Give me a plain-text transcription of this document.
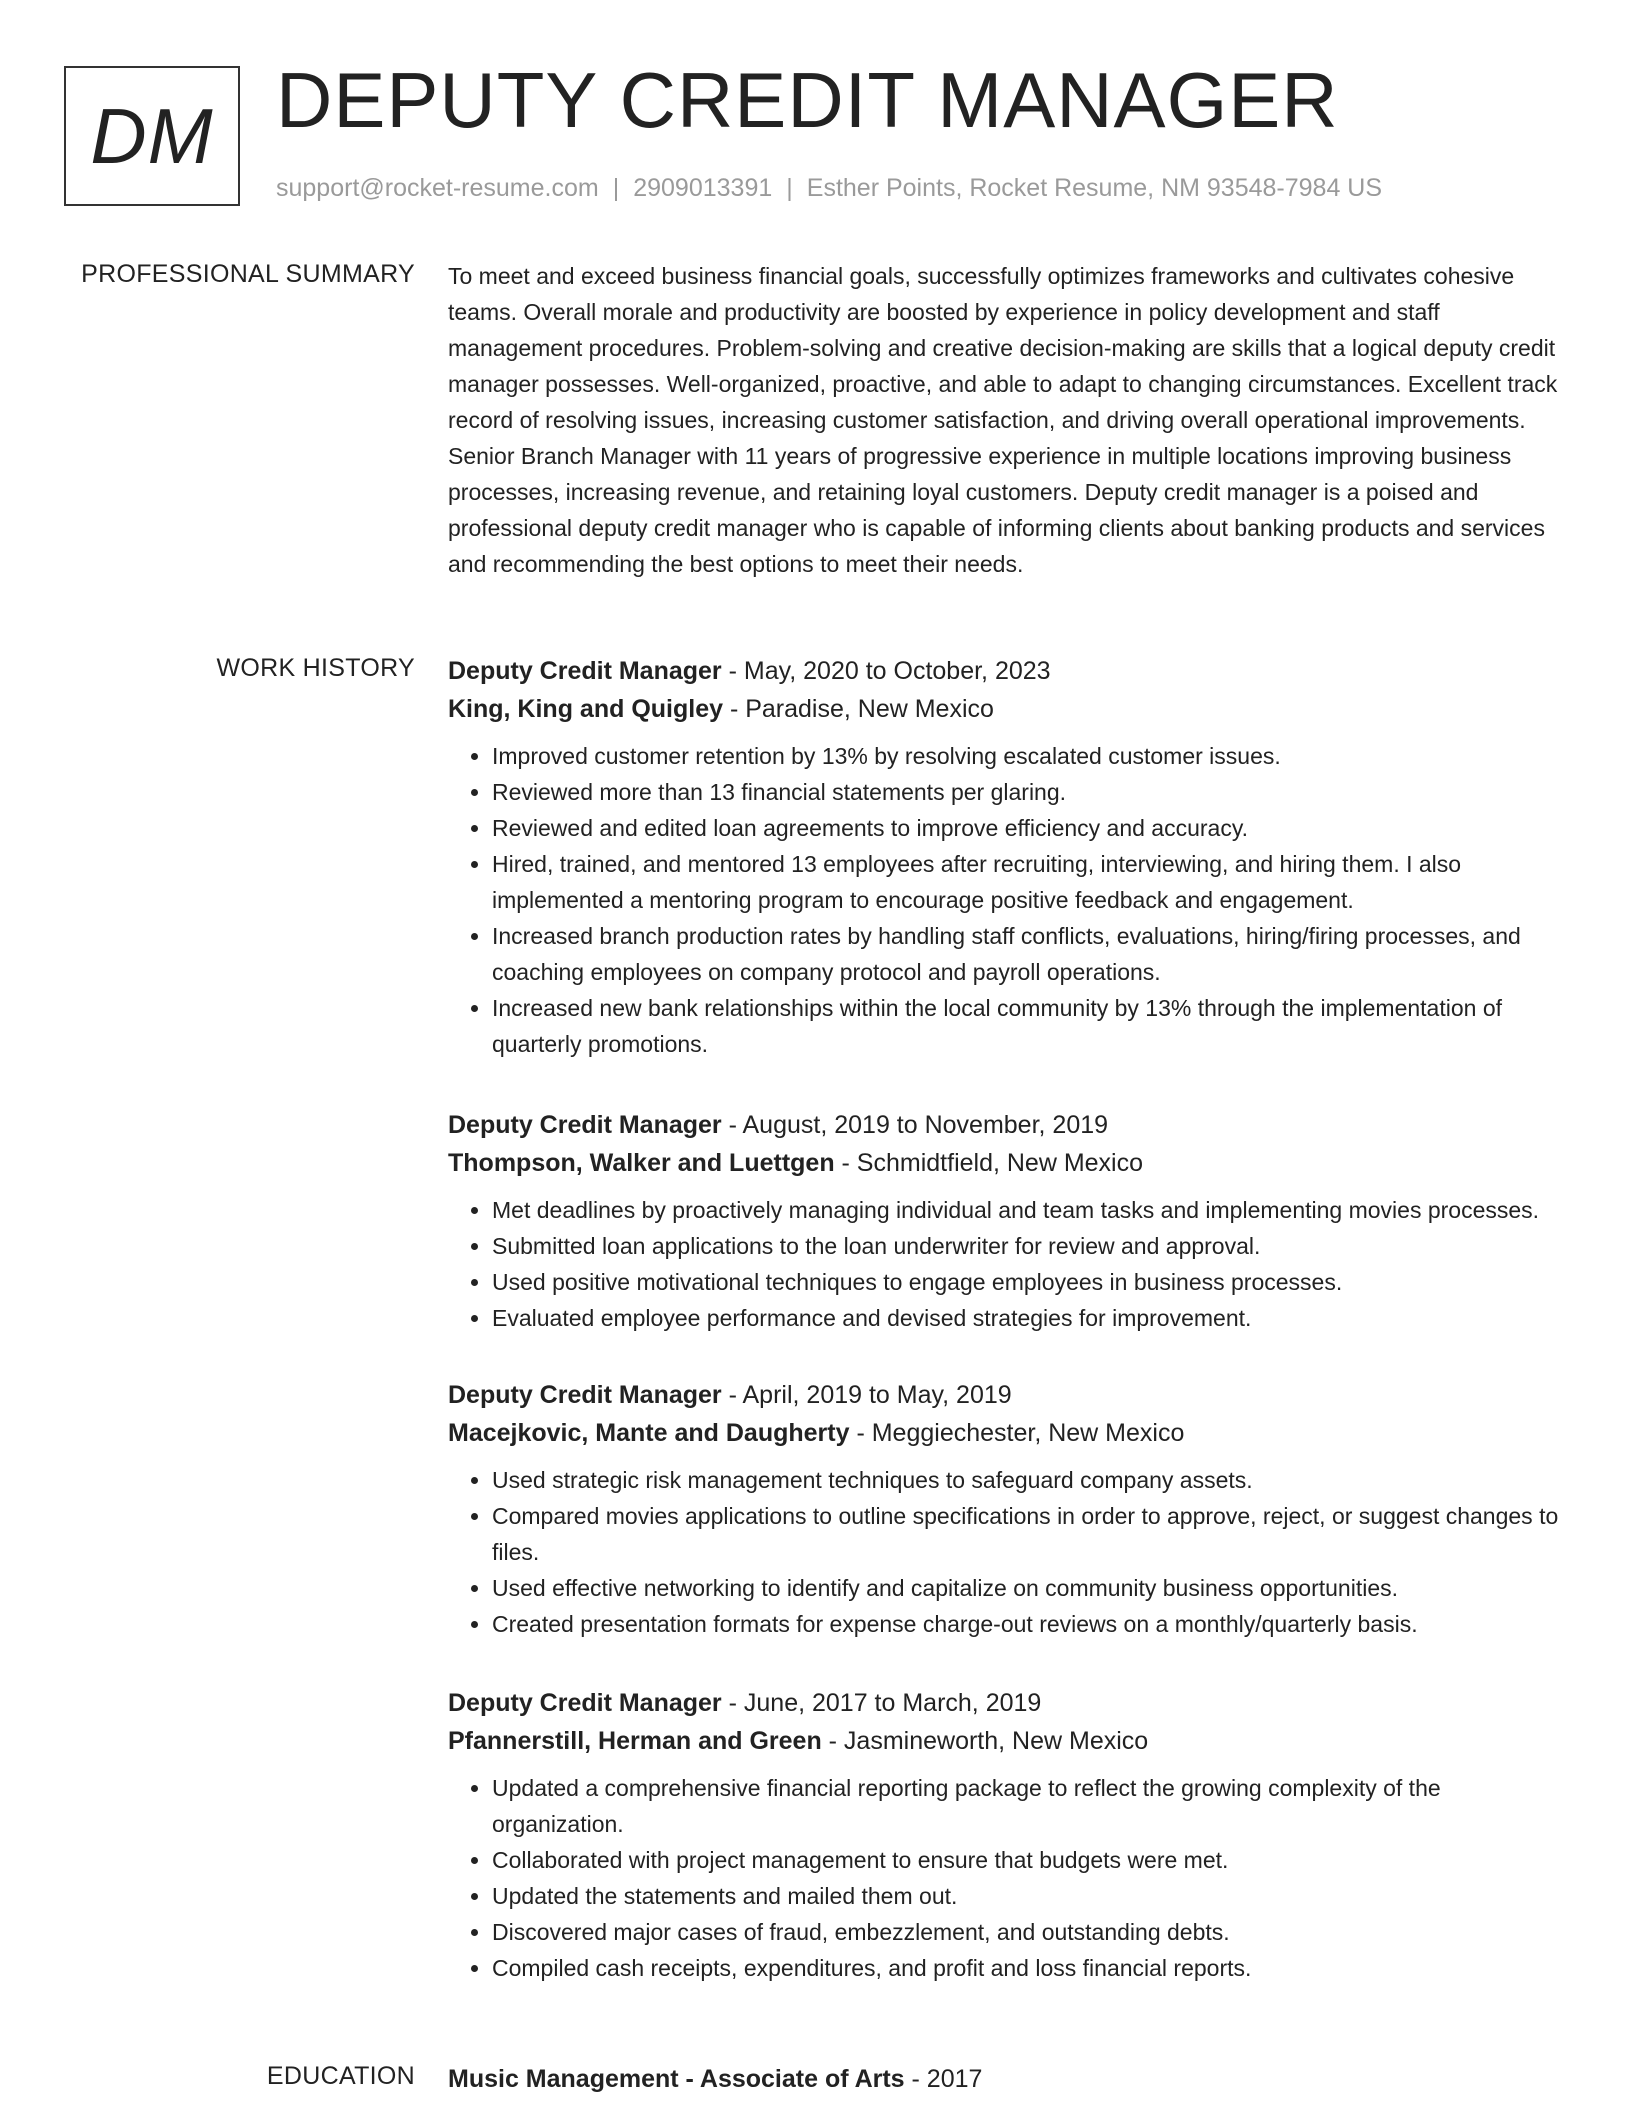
DM DEPUTY CREDIT MANAGER
support@rocket-resume.com | 2909013391 | Esther Points, Rocket Resume, NM 93548-7984 US
PROFESSIONAL SUMMARY To meet and exceed business financial goals, successfully optimizes frameworks and cultivates cohesive teams. Overall morale and productivity are boosted by experience in policy development and staff management procedures. Problem-solving and creative decision-making are skills that a logical deputy credit manager possesses. Well-organized, proactive, and able to adapt to changing circumstances. Excellent track record of resolving issues, increasing customer satisfaction, and driving overall operational improvements. Senior Branch Manager with 11 years of progressive experience in multiple locations improving business processes, increasing revenue, and retaining loyal customers. Deputy credit manager is a poised and professional deputy credit manager who is capable of informing clients about banking products and services and recommending the best options to meet their needs.

WORK HISTORY Deputy Credit Manager - May, 2020 to October, 2023
King, King and Quigley - Paradise, New Mexico
• Improved customer retention by 13% by resolving escalated customer issues.
• Reviewed more than 13 financial statements per glaring.
• Reviewed and edited loan agreements to improve efficiency and accuracy.
• Hired, trained, and mentored 13 employees after recruiting, interviewing, and hiring them. I also implemented a mentoring program to encourage positive feedback and engagement.
• Increased branch production rates by handling staff conflicts, evaluations, hiring/firing processes, and coaching employees on company protocol and payroll operations.
• Increased new bank relationships within the local community by 13% through the implementation of quarterly promotions.
Deputy Credit Manager - August, 2019 to November, 2019
Thompson, Walker and Luettgen - Schmidtfield, New Mexico
• Met deadlines by proactively managing individual and team tasks and implementing movies processes.
• Submitted loan applications to the loan underwriter for review and approval.
• Used positive motivational techniques to engage employees in business processes.
• Evaluated employee performance and devised strategies for improvement.
Deputy Credit Manager - April, 2019 to May, 2019
Macejkovic, Mante and Daugherty - Meggiechester, New Mexico
• Used strategic risk management techniques to safeguard company assets.
• Compared movies applications to outline specifications in order to approve, reject, or suggest changes to files.
• Used effective networking to identify and capitalize on community business opportunities.
• Created presentation formats for expense charge-out reviews on a monthly/quarterly basis.
Deputy Credit Manager - June, 2017 to March, 2019
Pfannerstill, Herman and Green - Jasmineworth, New Mexico
• Updated a comprehensive financial reporting package to reflect the growing complexity of the organization.
• Collaborated with project management to ensure that budgets were met.
• Updated the statements and mailed them out.
• Discovered major cases of fraud, embezzlement, and outstanding debts.
• Compiled cash receipts, expenditures, and profit and loss financial reports.
EDUCATION Music Management - Associate of Arts - 2017
